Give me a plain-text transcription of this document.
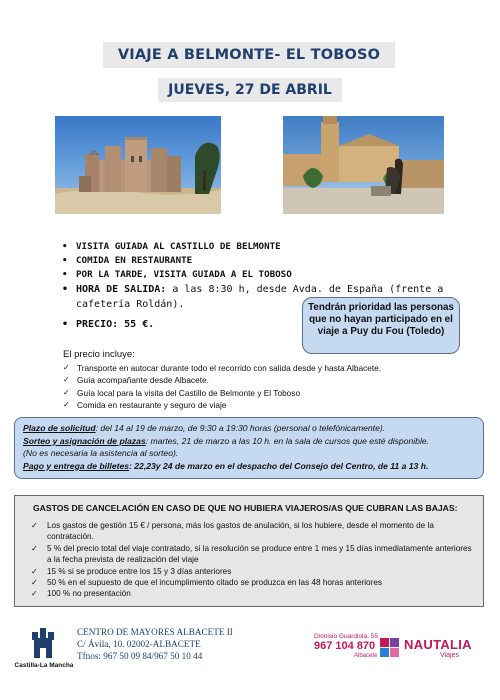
VIAJE A BELMONTE- EL TOBOSO
JUEVES, 27 DE ABRIL
• VISITA GUIADA AL CASTILLO DE BELMONTE
• COMIDA EN RESTAURANTE
• POR LA TARDE, VISITA GUIADA A EL TOBOSO
• HORA DE SALIDA: a las 8:30 h, desde Avda. de España (frente a cafetería Roldán).
• PRECIO: 55 €.
Tendrán prioridad las personas que no hayan participado en el viaje a Puy du Fou (Toledo)
El precio incluye:
✓ Transporte en autocar durante todo el recorrido con salida desde y hasta Albacete.
✓ Guía acompañante desde Albacete.
✓ Guía local para la visita del Castillo de Belmonte y El Toboso
✓ Comida en restaurante y seguro de viaje
Plazo de solicitud: del 14 al 19 de marzo, de 9:30 a 19:30 horas (personal o telefónicamente).
Sorteo y asignación de plazas: martes, 21 de marzo a las 10 h. en la sala de cursos que esté disponible.
(No es necesaria la asistencia al sorteo).
Pago y entrega de billetes: 22,23y 24 de marzo en el despacho del Consejo del Centro, de 11 a 13 h.
GASTOS DE CANCELACIÓN EN CASO DE QUE NO HUBIERA VIAJEROS/AS QUE CUBRAN LAS BAJAS:
✓ Los gastos de gestión 15 € / persona, más los gastos de anulación, si los hubiere, desde el momento de la contratación.
✓ 5 % del precio total del viaje contratado, si la resolución se produce entre 1 mes y 15 días inmediatamente anteriores a la fecha prevista de realización del viaje
✓ 15 % si se produce entre los 15 y 3 días anteriores
✓ 50 % en el supuesto de que el incumplimiento citado se produzca en las 48 horas anteriores
✓ 100 % no presentación
Castilla-La Mancha
CENTRO DE MAYORES ALBACETE II
C/ Ávila, 10. 02002-ALBACETE
Tfnos: 967 50 09 84/967 50 10 44
Dionisio Guardiola, 55
967 104 870
Albacete
NAUTALIA
Viajes
